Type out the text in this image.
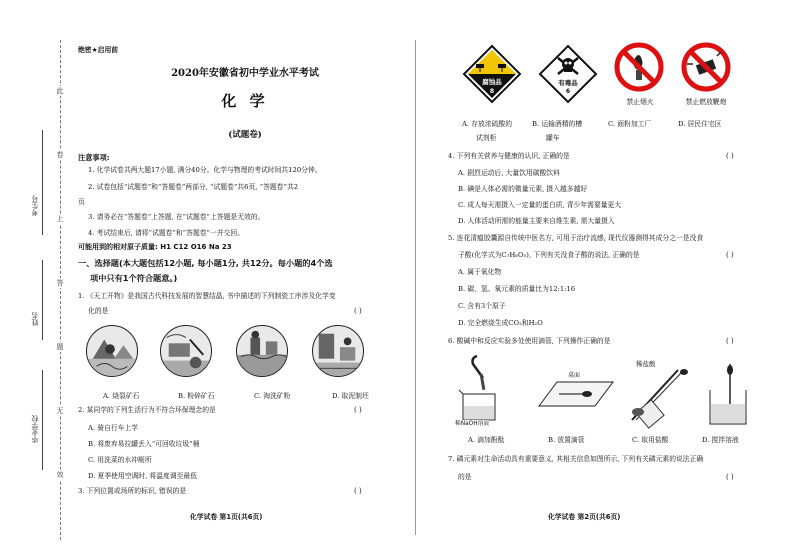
此
卷
上
答
题
无
效
考生号
姓名
毕业学校
绝密★启用前
2020年安徽省初中学业水平考试
化 学
(试题卷)
注意事项:
1. 化学试卷共两大题17小题, 满分40分。化学与物理的考试时间共120分钟。
2. 试卷包括“试题卷”和“答题卷”两部分, “试题卷”共6页, “答题卷”共2
页
3. 请务必在“答题卷”上答题, 在“试题卷”上答题是无效的。
4. 考试结束后, 请将“试题卷”和“答题卷”一并交回。
可能用到的相对原子质量: H1 C12 O16 Na 23
一、选择题(本大题包括12小题, 每小题1分, 共12分。每小题的4个选
项中只有1个符合题意。)
1. 《天工开物》是我国古代科技发展的智慧结晶, 书中描述的下列制瓷工序涉及化学变
化的是	( )
A. 烧裂矿石	B. 粉碎矿石	C. 淘洗矿粉	D. 取泥制坯
2. 某同学的下列生活行为不符合环保理念的是	( )
A. 骑自行车上学
B. 将废弃易拉罐丢入“可回收垃圾”桶
C. 用洗菜的水冲厕所
D. 夏季使用空调时, 将温度调至最低
3. 下列位置或场所的标识, 错误的是	( )
化学试卷 第1页(共6页)
腐蚀品
8
有毒品
6
禁止烟火	禁止燃放鞭炮
A. 存放浓硫酸的
试剂柜
B. 运输酒精的槽
罐车
C. 面粉加工厂	D. 居民住宅区
4. 下列有关营养与健康的认识, 正确的是	( )
A. 剧烈运动后, 大量饮用碳酸饮料
B. 碘是人体必需的微量元素, 摄入越多越好
C. 成人每天需摄入一定量的蛋白质, 青少年需要量更大
D. 人体活动所需的能量主要来自维生素, 需大量摄入
5. 连花清瘟胶囊源自传统中医名方, 可用于治疗流感, 现代仪器测得其成分之一是没食
子酸(化学式为C₇H₆O₅), 下列有关没食子酸的说法, 正确的是	( )
A. 属于氧化物
B. 碳、氢、氧元素的质量比为12:1:16
C. 含有3个原子
D. 完全燃烧生成CO₂和H₂O
6. 酸碱中和反应实验多处使用滴管, 下列操作正确的是	( )
稀NaOH溶液
桌面
稀盐酸
A. 滴加酚酞	B. 放置滴管	C. 取用盐酸	D. 搅拌溶液
7. 磷元素对生命活动具有重要意义, 其相关信息如图所示, 下列有关磷元素的说法正确
的是	( )
化学试卷 第2页(共6页)
